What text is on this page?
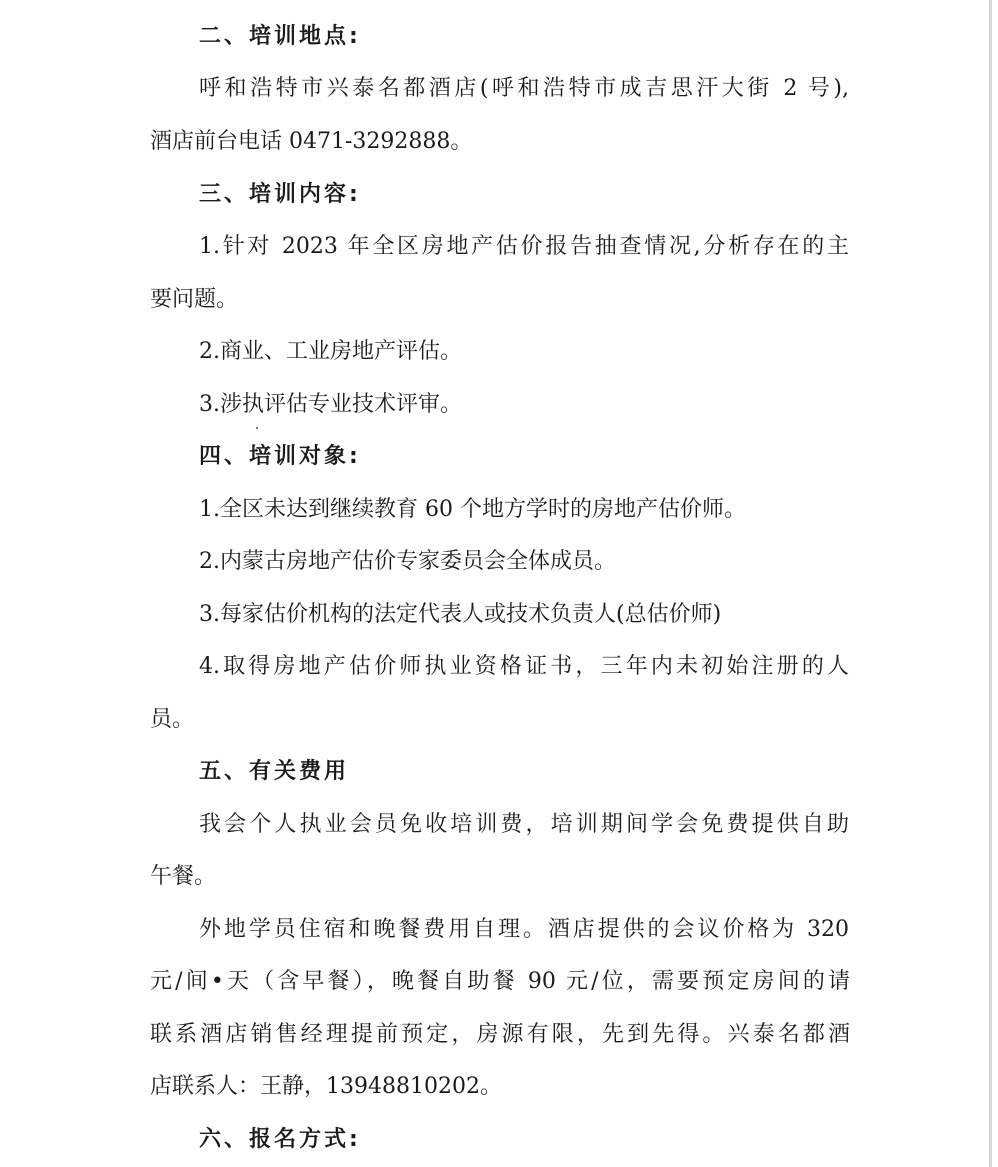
二、培训地点:
呼和浩特市兴泰名都酒店(呼和浩特市成吉思汗大街 2 号),
酒店前台电话 0471-3292888。
三、培训内容:
1.针对 2023 年全区房地产估价报告抽查情况,分析存在的主
要问题。
2.商业、工业房地产评估。
3.涉执评估专业技术评审。
四、培训对象:
1.全区未达到继续教育 60 个地方学时的房地产估价师。
2.内蒙古房地产估价专家委员会全体成员。
3.每家估价机构的法定代表人或技术负责人(总估价师)
4.取得房地产估价师执业资格证书，三年内未初始注册的人
员。
五、有关费用
我会个人执业会员免收培训费，培训期间学会免费提供自助
午餐。
外地学员住宿和晚餐费用自理。酒店提供的会议价格为 320
元/间•天（含早餐），晚餐自助餐 90 元/位，需要预定房间的请
联系酒店销售经理提前预定，房源有限，先到先得。兴泰名都酒
店联系人：王静，13948810202。
六、报名方式:
